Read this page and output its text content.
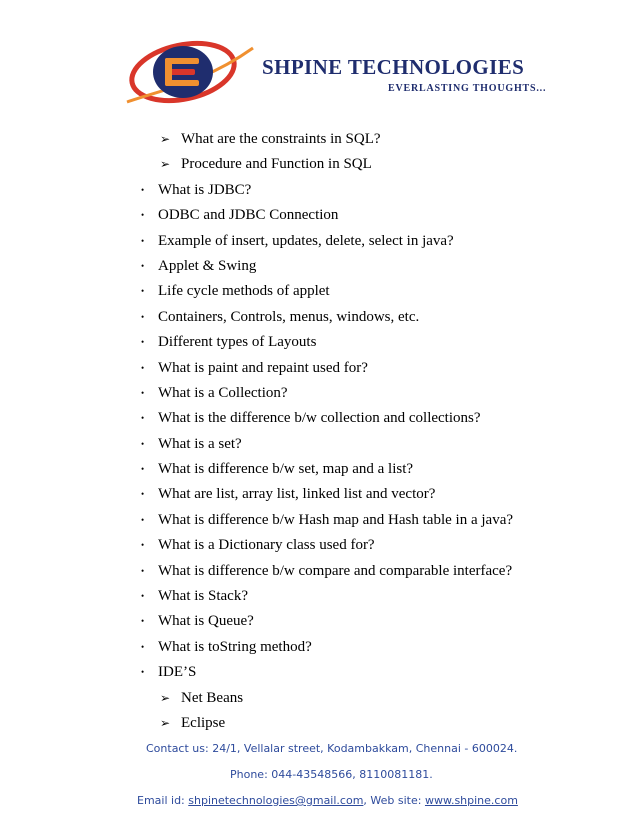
SHPINE TECHNOLOGIES
EVERLASTING THOUGHTS...
➢ What are the constraints in SQL?
➢ Procedure and Function in SQL
• What is JDBC?
• ODBC and JDBC Connection
• Example of insert, updates, delete, select in java?
• Applet & Swing
• Life cycle methods of applet
• Containers, Controls, menus, windows, etc.
• Different types of Layouts
• What is paint and repaint used for?
• What is a Collection?
• What is the difference b/w collection and collections?
• What is a set?
• What is difference b/w set, map and a list?
• What are list, array list, linked list and vector?
• What is difference b/w Hash map and Hash table in a java?
• What is a Dictionary class used for?
• What is difference b/w compare and comparable interface?
• What is Stack?
• What is Queue?
• What is toString method?
• IDE’S
➢ Net Beans
➢ Eclipse
Contact us: 24/1, Vellalar street, Kodambakkam, Chennai - 600024.
Phone: 044-43548566, 8110081181.
Email id: shpinetechnologies@gmail.com, Web site: www.shpine.com
